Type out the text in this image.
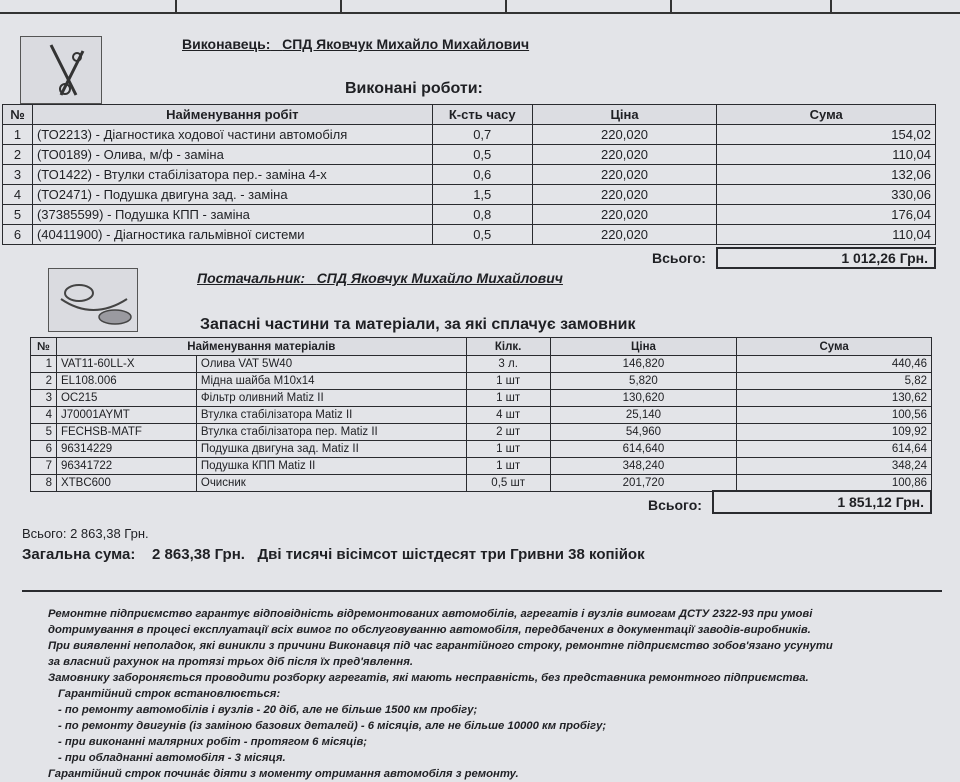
Виконавець: СПД Яковчук Михайло Михайлович
Виконані роботи:
№	Найменування робіт	К-сть часу	Ціна	Сума
1	(ТО2213) - Діагностика ходової частини автомобіля	0,7	220,020	154,02
2	(ТО0189) - Олива, м/ф - заміна	0,5	220,020	110,04
3	(ТО1422) - Втулки стабілізатора пер.- заміна 4-х	0,6	220,020	132,06
4	(ТО2471) - Подушка двигуна зад. - заміна	1,5	220,020	330,06
5	(37385599) - Подушка КПП - заміна	0,8	220,020	176,04
6	(40411900) - Діагностика гальмівної системи	0,5	220,020	110,04
Всього:	1 012,26 Грн.
Постачальник: СПД Яковчук Михайло Михайлович
Запасні частини та матеріали, за які сплачує замовник
№	Найменування матеріалів		Кілк.	Ціна	Сума
1	VAT11-60LL-X	Олива VAT 5W40	3 л.	146,820	440,46
2	EL108.006	Мідна шайба М10х14	1 шт	5,820	5,82
3	OC215	Фільтр оливний Matiz II	1 шт	130,620	130,62
4	J70001AYMT	Втулка стабілізатора Matiz II	4 шт	25,140	100,56
5	FECHSB-MATF	Втулка стабілізатора пер. Matiz II	2 шт	54,960	109,92
6	96314229	Подушка двигуна зад. Matiz II	1 шт	614,640	614,64
7	96341722	Подушка КПП Matiz II	1 шт	348,240	348,24
8	XTBC600	Очисник	0,5 шт	201,720	100,86
Всього:	1 851,12 Грн.
Всього: 2 863,38 Грн.
Загальна сума: 2 863,38 Грн. Дві тисячі вісімсот шістдесят три Гривни 38 копійок
Ремонтне підприємство гарантує відповідність відремонтованих автомобілів, агрегатів і вузлів вимогам ДСТУ 2322-93 при умові
дотримування в процесі експлуатації всіх вимог по обслуговуванню автомобіля, передбачених в документації заводів-виробників.
При виявленні неполадок, які виникли з причини Виконавця під час гарантійного строку, ремонтне підприємство зобов'язано усунути
за власний рахунок на протязі трьох діб після їх пред'явлення.
Замовнику забороняється проводити розборку агрегатів, які мають несправність, без представника ремонтного підприємства.
Гарантійний строк встановлюється:
- по ремонту автомобілів і вузлів - 20 діб, але не більше 1500 км пробігу;
- по ремонту двигунів (із заміною базових деталей) - 6 місяців, але не більше 10000 км пробігу;
- при виконанні малярних робіт - протягом 6 місяців;
- при обладнанні автомобіля - 3 місяця.
Гарантійний строк почина́є діяти з моменту отримання автомобіля з ремонту.
